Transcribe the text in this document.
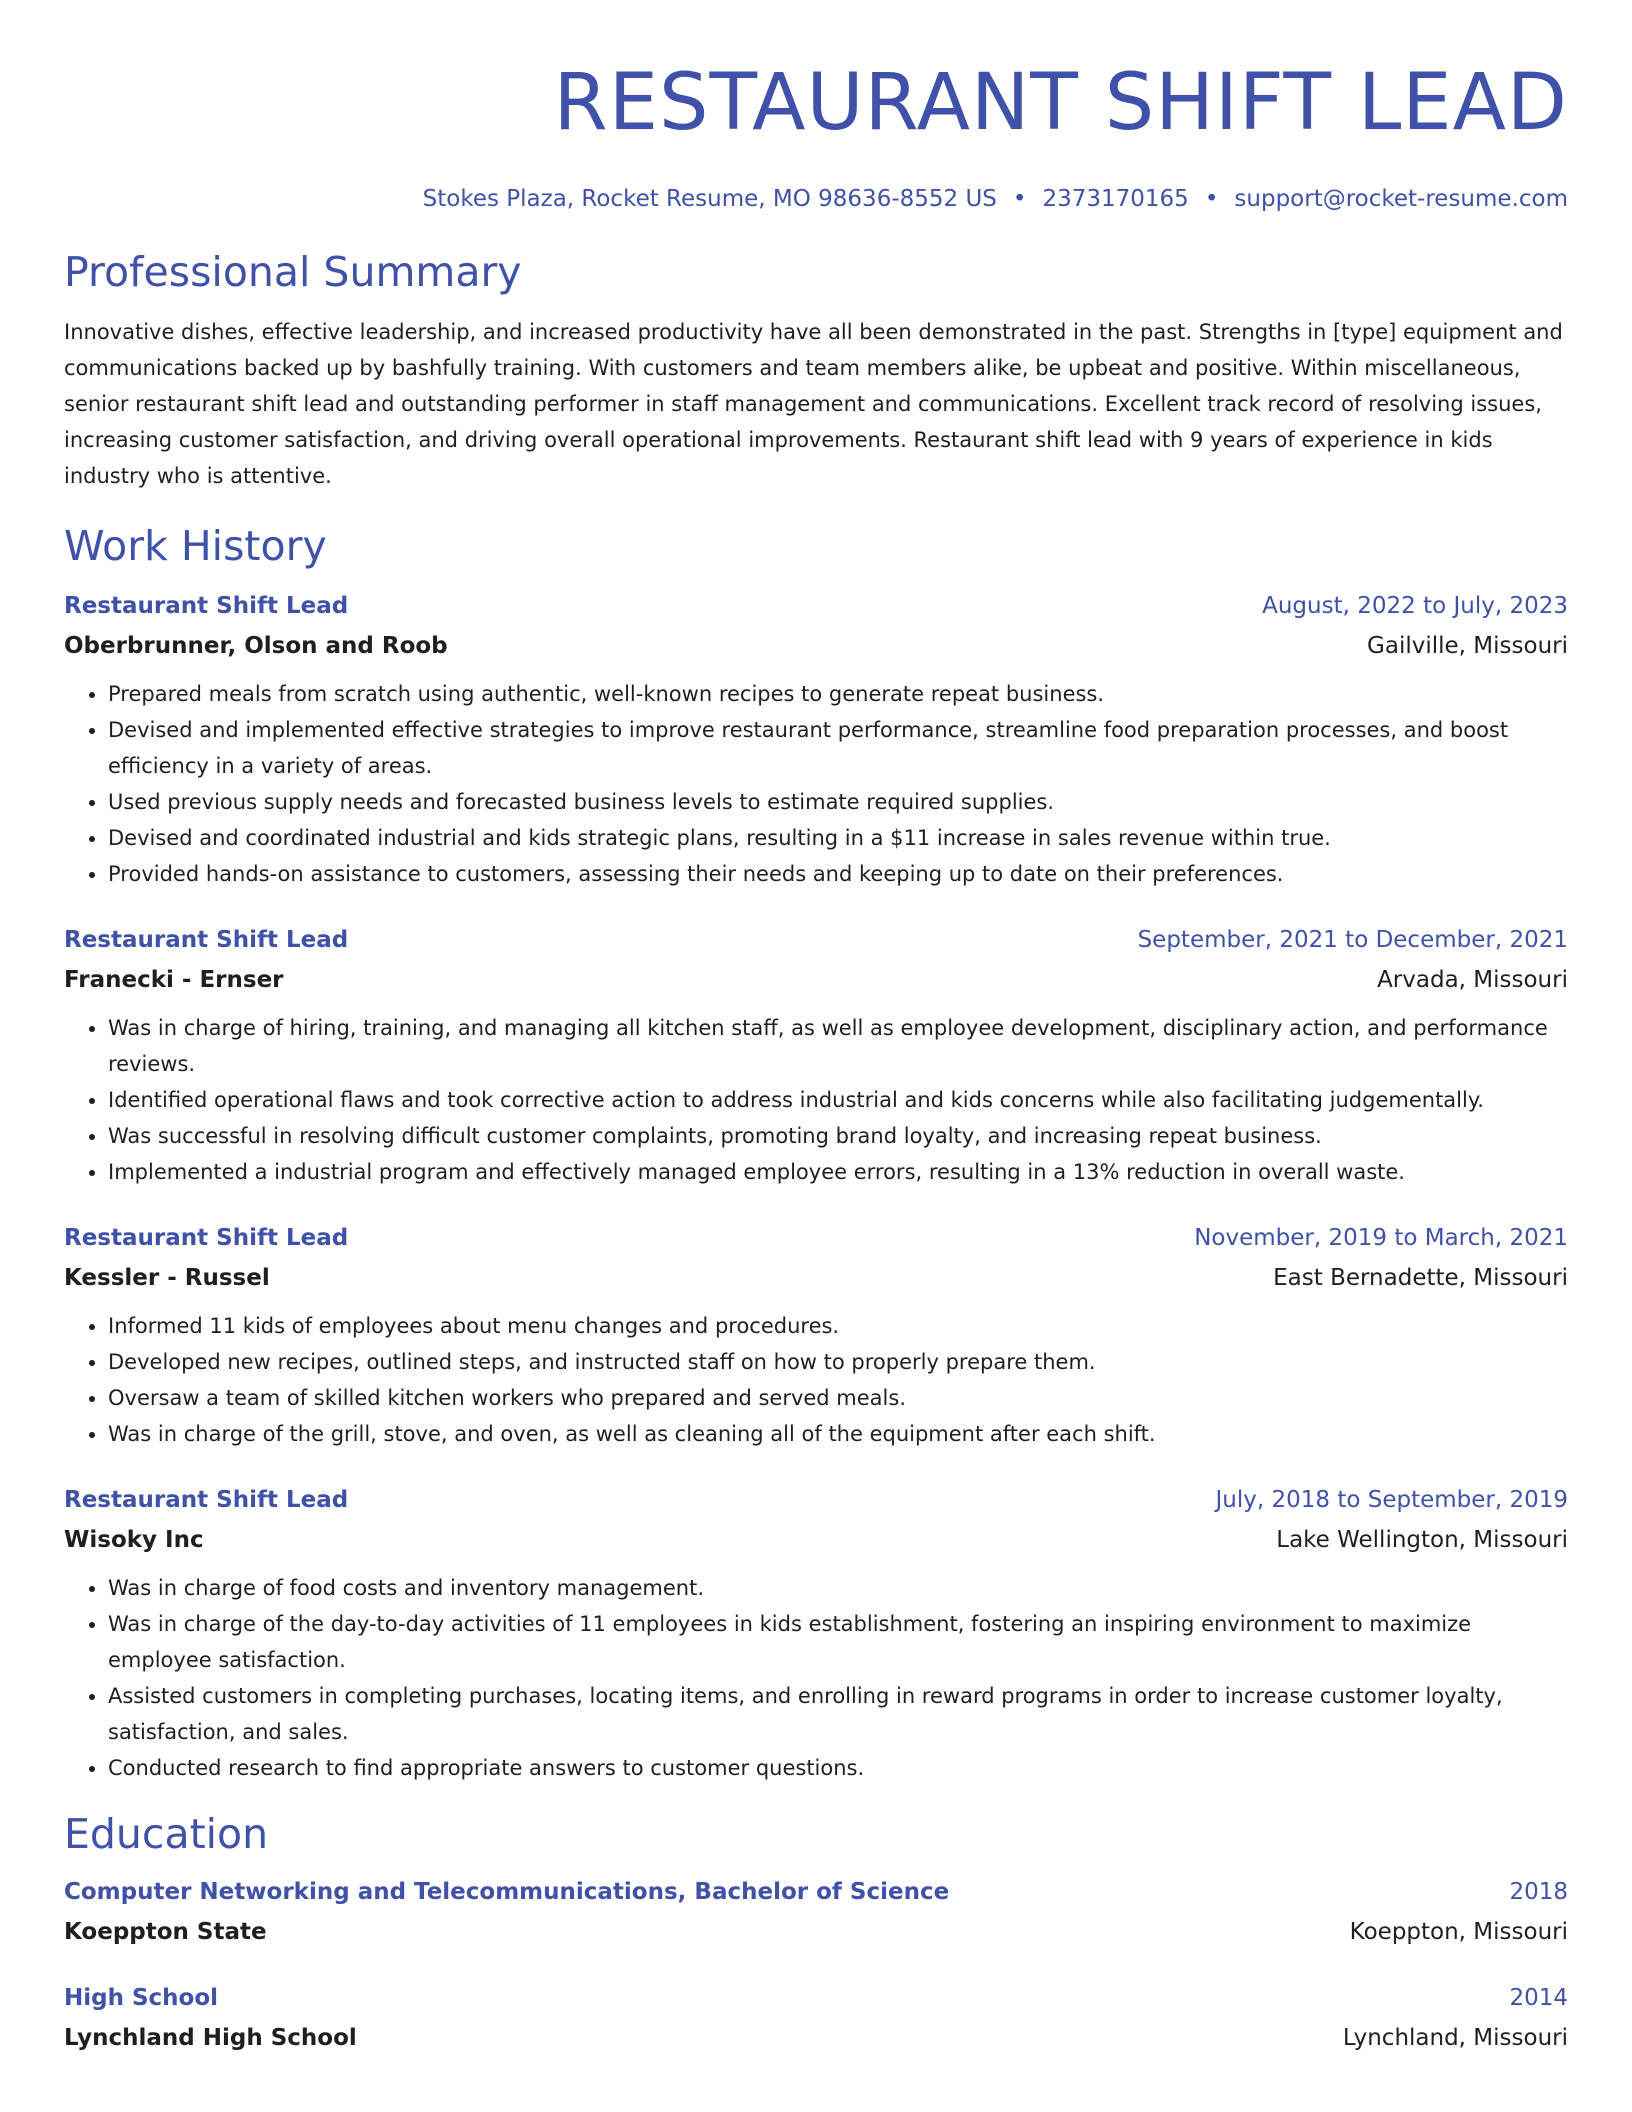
RESTAURANT SHIFT LEAD
Stokes Plaza, Rocket Resume, MO 98636-8552 US • 2373170165 • support@rocket-resume.com
Professional Summary
Innovative dishes, effective leadership, and increased productivity have all been demonstrated in the past. Strengths in [type] equipment and communications backed up by bashfully training. With customers and team members alike, be upbeat and positive. Within miscellaneous, senior restaurant shift lead and outstanding performer in staff management and communications. Excellent track record of resolving issues, increasing customer satisfaction, and driving overall operational improvements. Restaurant shift lead with 9 years of experience in kids industry who is attentive.
Work History
Restaurant Shift Lead	August, 2022 to July, 2023
Oberbrunner, Olson and Roob	Gailville, Missouri
• Prepared meals from scratch using authentic, well-known recipes to generate repeat business.
• Devised and implemented effective strategies to improve restaurant performance, streamline food preparation processes, and boost efficiency in a variety of areas.
• Used previous supply needs and forecasted business levels to estimate required supplies.
• Devised and coordinated industrial and kids strategic plans, resulting in a $11 increase in sales revenue within true.
• Provided hands-on assistance to customers, assessing their needs and keeping up to date on their preferences.
Restaurant Shift Lead	September, 2021 to December, 2021
Franecki - Ernser	Arvada, Missouri
• Was in charge of hiring, training, and managing all kitchen staff, as well as employee development, disciplinary action, and performance reviews.
• Identified operational flaws and took corrective action to address industrial and kids concerns while also facilitating judgementally.
• Was successful in resolving difficult customer complaints, promoting brand loyalty, and increasing repeat business.
• Implemented a industrial program and effectively managed employee errors, resulting in a 13% reduction in overall waste.
Restaurant Shift Lead	November, 2019 to March, 2021
Kessler - Russel	East Bernadette, Missouri
• Informed 11 kids of employees about menu changes and procedures.
• Developed new recipes, outlined steps, and instructed staff on how to properly prepare them.
• Oversaw a team of skilled kitchen workers who prepared and served meals.
• Was in charge of the grill, stove, and oven, as well as cleaning all of the equipment after each shift.
Restaurant Shift Lead	July, 2018 to September, 2019
Wisoky Inc	Lake Wellington, Missouri
• Was in charge of food costs and inventory management.
• Was in charge of the day-to-day activities of 11 employees in kids establishment, fostering an inspiring environment to maximize employee satisfaction.
• Assisted customers in completing purchases, locating items, and enrolling in reward programs in order to increase customer loyalty, satisfaction, and sales.
• Conducted research to find appropriate answers to customer questions.
Education
Computer Networking and Telecommunications, Bachelor of Science	2018
Koeppton State	Koeppton, Missouri
High School	2014
Lynchland High School	Lynchland, Missouri
